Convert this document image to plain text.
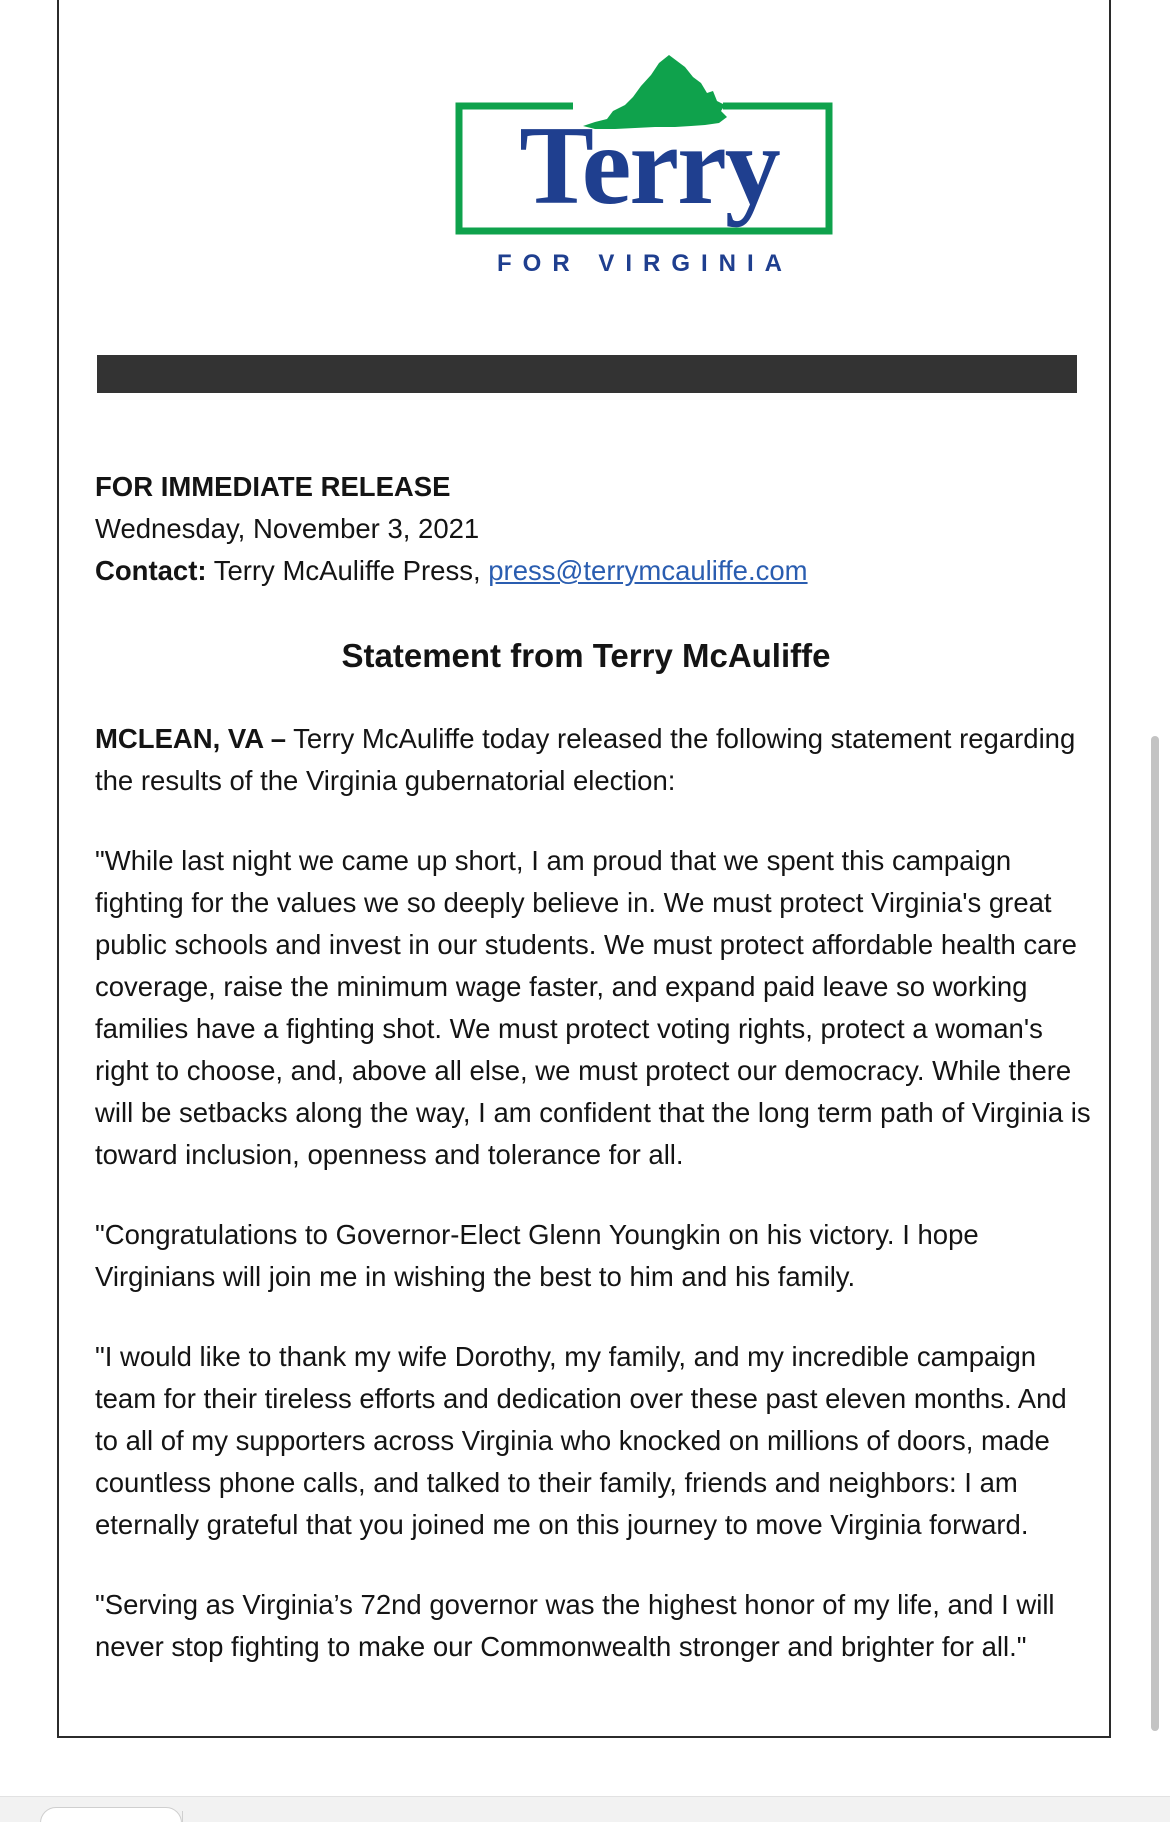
Terry
FOR VIRGINIA

FOR IMMEDIATE RELEASE

Wednesday, November 3, 2021

Contact: Terry McAuliffe Press, press@terrymcauliffe.com

Statement from Terry McAuliffe

MCLEAN, VA – Terry McAuliffe today released the following statement regarding the results of the Virginia gubernatorial election:

"While last night we came up short, I am proud that we spent this campaign fighting for the values we so deeply believe in. We must protect Virginia's great public schools and invest in our students. We must protect affordable health care coverage, raise the minimum wage faster, and expand paid leave so working families have a fighting shot. We must protect voting rights, protect a woman's right to choose, and, above all else, we must protect our democracy. While there will be setbacks along the way, I am confident that the long term path of Virginia is toward inclusion, openness and tolerance for all.

"Congratulations to Governor-Elect Glenn Youngkin on his victory. I hope Virginians will join me in wishing the best to him and his family.

"I would like to thank my wife Dorothy, my family, and my incredible campaign team for their tireless efforts and dedication over these past eleven months. And to all of my supporters across Virginia who knocked on millions of doors, made countless phone calls, and talked to their family, friends and neighbors: I am eternally grateful that you joined me on this journey to move Virginia forward.

"Serving as Virginia’s 72nd governor was the highest honor of my life, and I will never stop fighting to make our Commonwealth stronger and brighter for all."
